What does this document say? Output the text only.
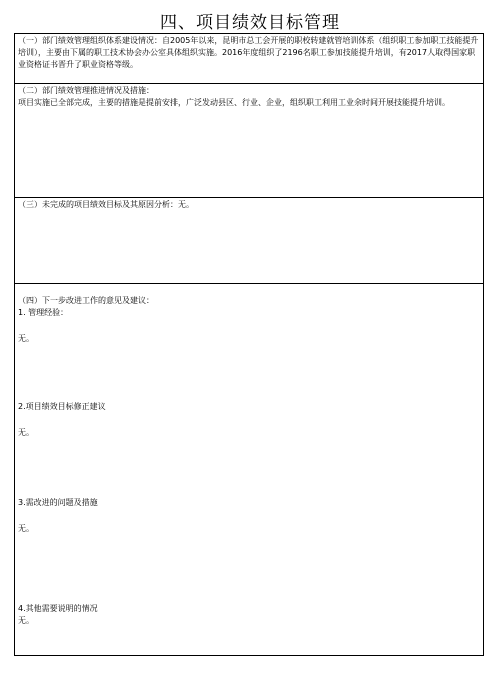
四、项目绩效目标管理

（一）部门绩效管理组织体系建设情况：自2005年以来，昆明市总工会开展的职校转建就管培训体系（组织职工参加职工技能提升培训），主要由下属的职工技术协会办公室具体组织实施。2016年度组织了2196名职工参加技能提升培训，有2017人取得国家职业资格证书晋升了职业资格等级。

（二）部门绩效管理推进情况及措施：

项目实施已全部完成，主要的措施是提前安排，广泛发动县区、行业、企业，组织职工利用工业余时间开展技能提升培训。

（三）未完成的项目绩效目标及其原因分析：无。

（四）下一步改进工作的意见及建议：

1. 管理经验：

无。

2.项目绩效目标修正建议

无。

3.需改进的问题及措施

无。

4.其他需要说明的情况

无。
